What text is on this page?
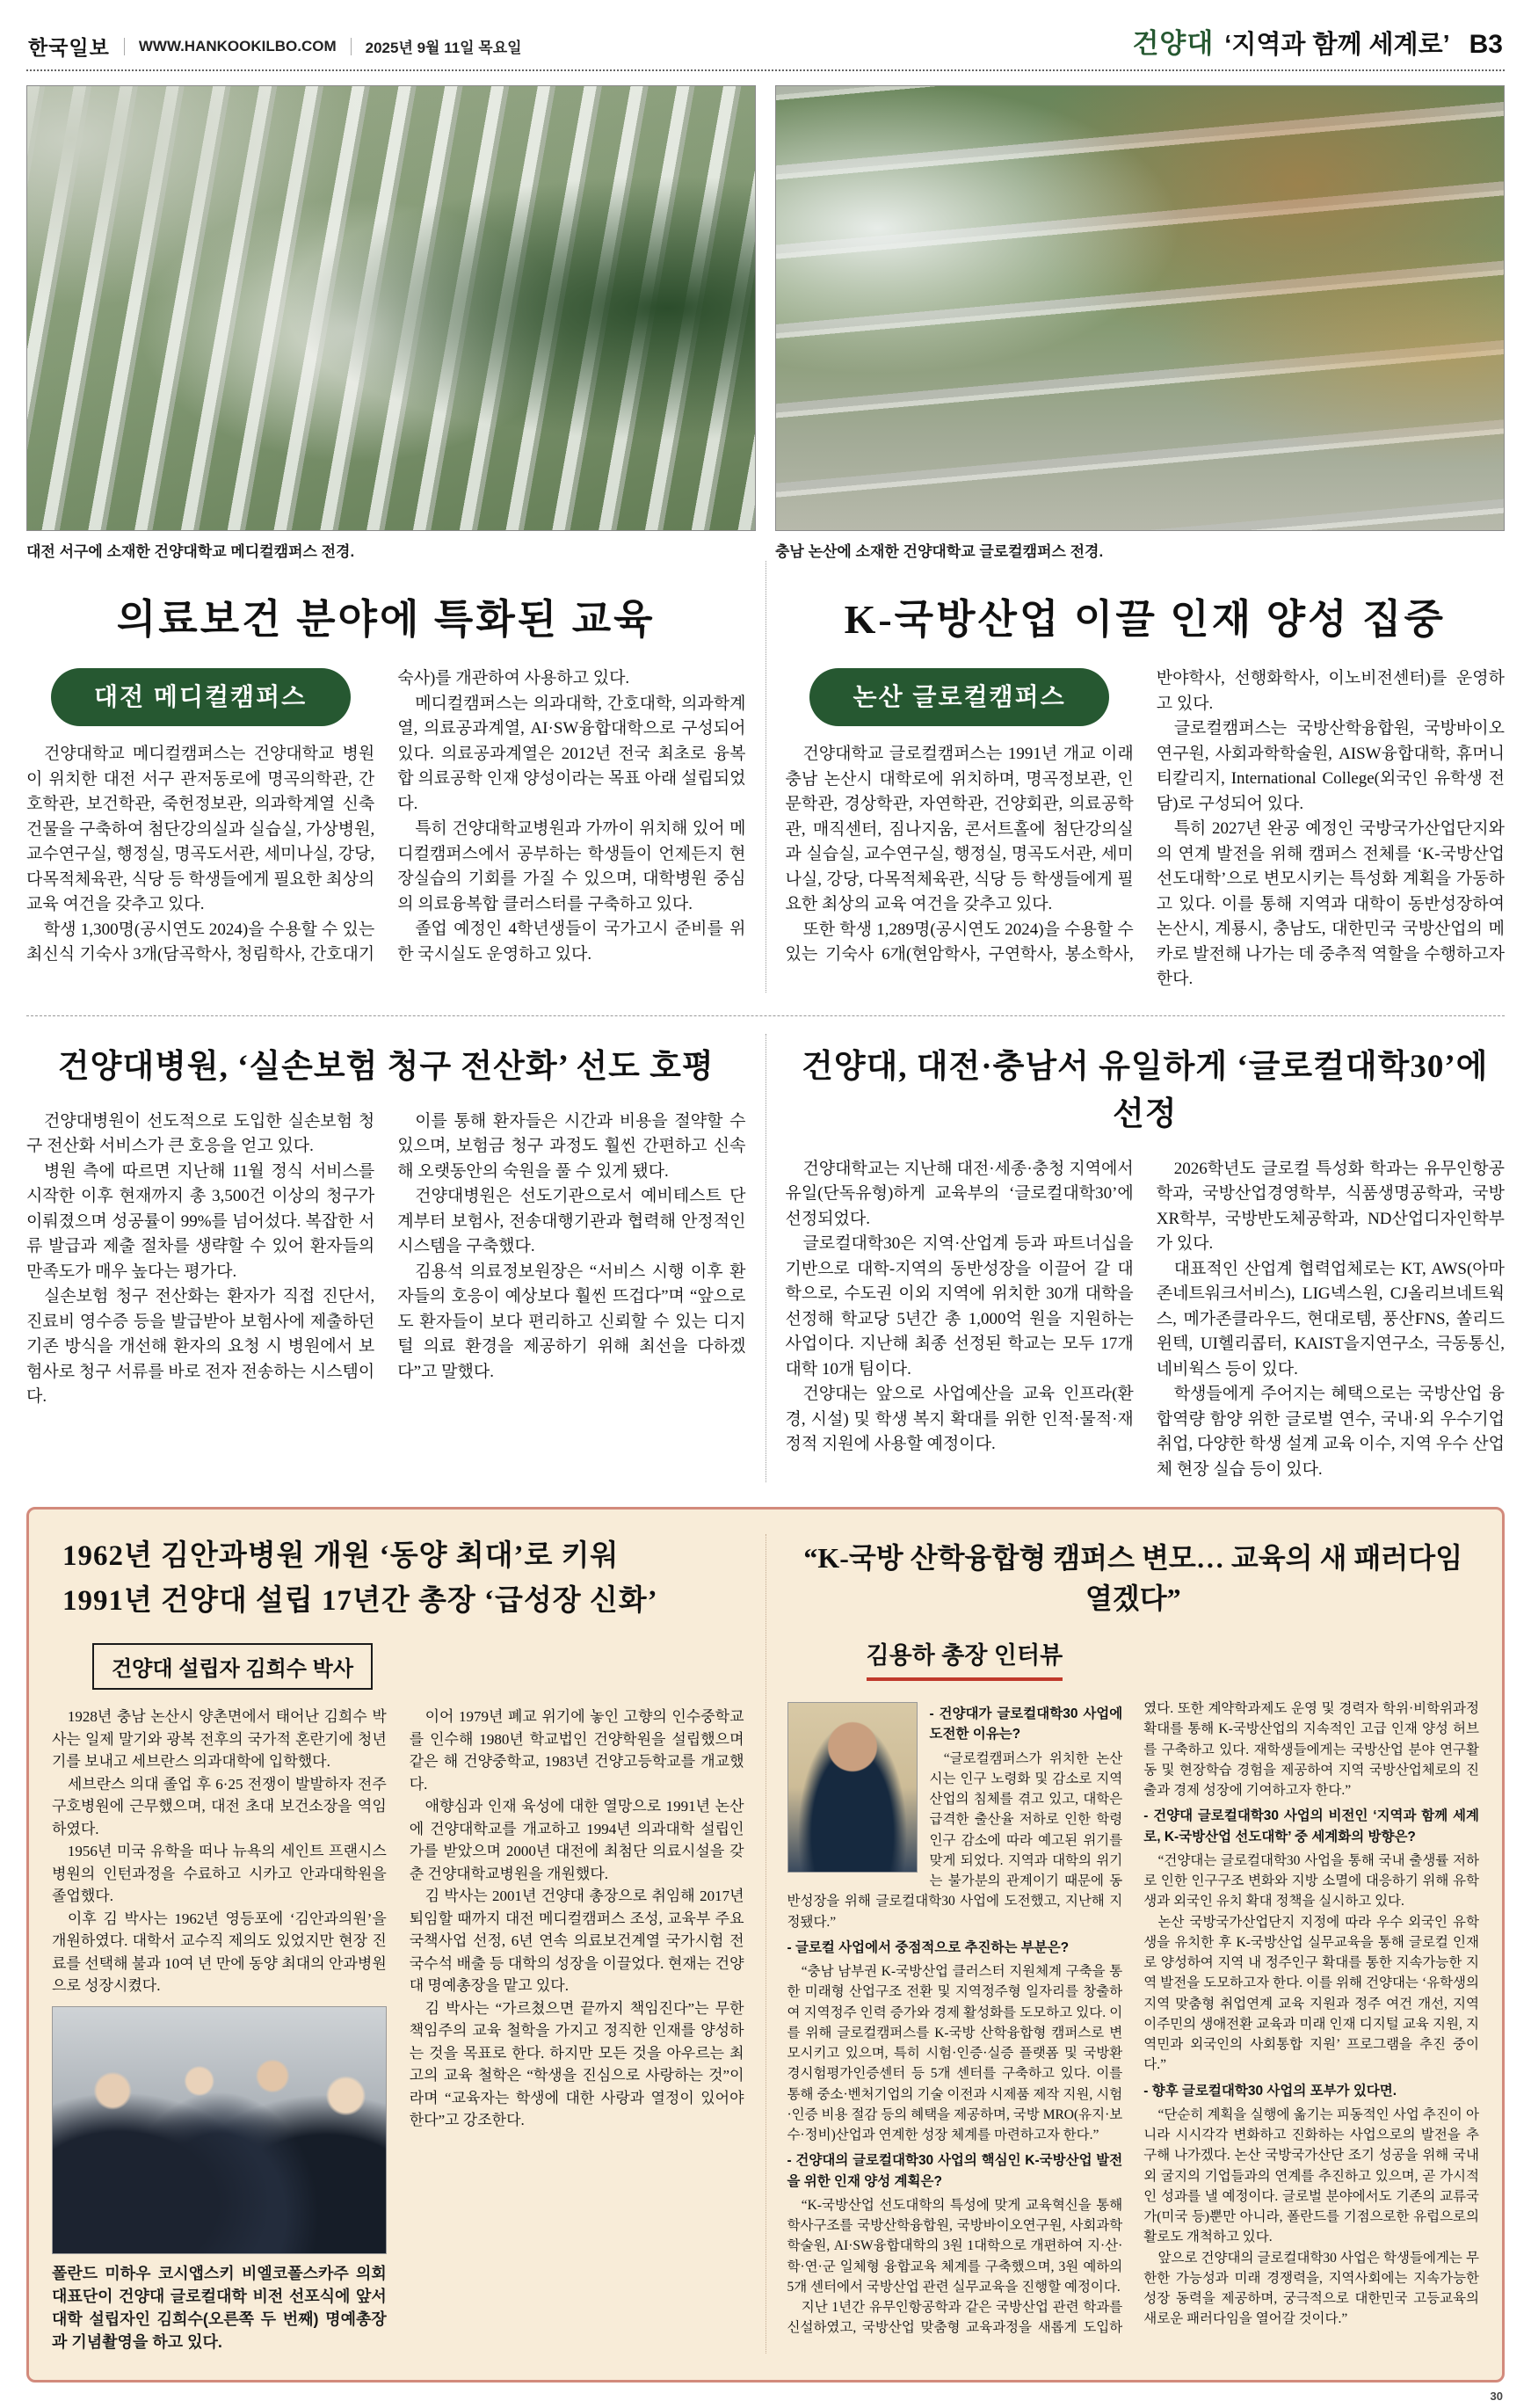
한국일보 WWW.HANKOOKILBO.COM 2025년 9월 11일 목요일	건양대 ‘지역과 함께 세계로’ B3
대전 서구에 소재한 건양대학교 메디컬캠퍼스 전경.	충남 논산에 소재한 건양대학교 글로컬캠퍼스 전경.
의료보건 분야에 특화된 교육
대전 메디컬캠퍼스

건양대학교 메디컬캠퍼스는 건양대학교 병원이 위치한 대전 서구 관저동로에 명곡의학관, 간호학관, 보건학관, 죽헌정보관, 의과학계열 신축건물을 구축하여 첨단강의실과 실습실, 가상병원, 교수연구실, 행정실, 명곡도서관, 세미나실, 강당, 다목적체육관, 식당 등 학생들에게 필요한 최상의 교육 여건을 갖추고 있다.

학생 1,300명(공시연도 2024)을 수용할 수 있는 최신식 기숙사 3개(담곡학사, 청림학사, 간호대기숙사)를 개관하여 사용하고 있다.

메디컬캠퍼스는 의과대학, 간호대학, 의과학계열, 의료공과계열, AI·SW융합대학으로 구성되어 있다. 의료공과계열은 2012년 전국 최초로 융복합 의료공학 인재 양성이라는 목표 아래 설립되었다.

특히 건양대학교병원과 가까이 위치해 있어 메디컬캠퍼스에서 공부하는 학생들이 언제든지 현장실습의 기회를 가질 수 있으며, 대학병원 중심의 의료융복합 클러스터를 구축하고 있다.

졸업 예정인 4학년생들이 국가고시 준비를 위한 국시실도 운영하고 있다.

K-국방산업 이끌 인재 양성 집중
논산 글로컬캠퍼스

건양대학교 글로컬캠퍼스는 1991년 개교 이래 충남 논산시 대학로에 위치하며, 명곡정보관, 인문학관, 경상학관, 자연학관, 건양회관, 의료공학관, 매직센터, 짐나지움, 콘서트홀에 첨단강의실과 실습실, 교수연구실, 행정실, 명곡도서관, 세미나실, 강당, 다목적체육관, 식당 등 학생들에게 필요한 최상의 교육 여건을 갖추고 있다.

또한 학생 1,289명(공시연도 2024)을 수용할 수 있는 기숙사 6개(현암학사, 구연학사, 봉소학사, 반야학사, 선행화학사, 이노비전센터)를 운영하고 있다.

글로컬캠퍼스는 국방산학융합원, 국방바이오연구원, 사회과학학술원, AISW융합대학, 휴머니티칼리지, International College(외국인 유학생 전담)로 구성되어 있다.

특히 2027년 완공 예정인 국방국가산업단지와의 연계 발전을 위해 캠퍼스 전체를 ‘K-국방산업 선도대학’으로 변모시키는 특성화 계획을 가동하고 있다. 이를 통해 지역과 대학이 동반성장하여 논산시, 계룡시, 충남도, 대한민국 국방산업의 메카로 발전해 나가는 데 중추적 역할을 수행하고자 한다.

건양대병원, ‘실손보험 청구 전산화’ 선도 호평

건양대병원이 선도적으로 도입한 실손보험 청구 전산화 서비스가 큰 호응을 얻고 있다.

병원 측에 따르면 지난해 11월 정식 서비스를 시작한 이후 현재까지 총 3,500건 이상의 청구가 이뤄졌으며 성공률이 99%를 넘어섰다. 복잡한 서류 발급과 제출 절차를 생략할 수 있어 환자들의 만족도가 매우 높다는 평가다.

실손보험 청구 전산화는 환자가 직접 진단서, 진료비 영수증 등을 발급받아 보험사에 제출하던 기존 방식을 개선해 환자의 요청 시 병원에서 보험사로 청구 서류를 바로 전자 전송하는 시스템이다.

이를 통해 환자들은 시간과 비용을 절약할 수 있으며, 보험금 청구 과정도 훨씬 간편하고 신속해 오랫동안의 숙원을 풀 수 있게 됐다.

건양대병원은 선도기관으로서 예비테스트 단계부터 보험사, 전송대행기관과 협력해 안정적인 시스템을 구축했다.

김용석 의료정보원장은 “서비스 시행 이후 환자들의 호응이 예상보다 훨씬 뜨겁다”며 “앞으로도 환자들이 보다 편리하고 신뢰할 수 있는 디지털 의료 환경을 제공하기 위해 최선을 다하겠다”고 말했다.

건양대, 대전·충남서 유일하게 ‘글로컬대학30’에 선정

건양대학교는 지난해 대전·세종·충청 지역에서 유일(단독유형)하게 교육부의 ‘글로컬대학30’에 선정되었다.

글로컬대학30은 지역·산업계 등과 파트너십을 기반으로 대학-지역의 동반성장을 이끌어 갈 대학으로, 수도권 이외 지역에 위치한 30개 대학을 선정해 학교당 5년간 총 1,000억 원을 지원하는 사업이다. 지난해 최종 선정된 학교는 모두 17개 대학 10개 팀이다.

건양대는 앞으로 사업예산을 교육 인프라(환경, 시설) 및 학생 복지 확대를 위한 인적·물적·재정적 지원에 사용할 예정이다.

2026학년도 글로컬 특성화 학과는 유무인항공학과, 국방산업경영학부, 식품생명공학과, 국방XR학부, 국방반도체공학과, ND산업디자인학부가 있다.

대표적인 산업계 협력업체로는 KT, AWS(아마존네트워크서비스), LIG넥스원, CJ올리브네트웍스, 메가존클라우드, 현대로템, 풍산FNS, 쏠리드윈텍, UI헬리콥터, KAIST을지연구소, 극동통신, 네비웍스 등이 있다.

학생들에게 주어지는 혜택으로는 국방산업 융합역량 함양 위한 글로벌 연수, 국내·외 우수기업 취업, 다양한 학생 설계 교육 이수, 지역 우수 산업체 현장 실습 등이 있다.

1962년 김안과병원 개원 ‘동양 최대’로 키워
1991년 건양대 설립 17년간 총장 ‘급성장 신화’
건양대 설립자 김희수 박사

1928년 충남 논산시 양촌면에서 태어난 김희수 박사는 일제 말기와 광복 전후의 국가적 혼란기에 청년기를 보내고 세브란스 의과대학에 입학했다.

세브란스 의대 졸업 후 6·25 전쟁이 발발하자 전주구호병원에 근무했으며, 대전 초대 보건소장을 역임하였다.

1956년 미국 유학을 떠나 뉴욕의 세인트 프랜시스 병원의 인턴과정을 수료하고 시카고 안과대학원을 졸업했다.

이후 김 박사는 1962년 영등포에 ‘김안과의원’을 개원하였다. 대학서 교수직 제의도 있었지만 현장 진료를 선택해 불과 10여 년 만에 동양 최대의 안과병원으로 성장시켰다.

폴란드 미하우 코시앱스키 비엘코폴스카주 의회 대표단이 건양대 글로컬대학 비전 선포식에 앞서 대학 설립자인 김희수(오른쪽 두 번째) 명예총장과 기념촬영을 하고 있다.

이어 1979년 폐교 위기에 놓인 고향의 인수중학교를 인수해 1980년 학교법인 건양학원을 설립했으며 같은 해 건양중학교, 1983년 건양고등학교를 개교했다.

애향심과 인재 육성에 대한 열망으로 1991년 논산에 건양대학교를 개교하고 1994년 의과대학 설립인가를 받았으며 2000년 대전에 최첨단 의료시설을 갖춘 건양대학교병원을 개원했다.

김 박사는 2001년 건양대 총장으로 취임해 2017년 퇴임할 때까지 대전 메디컬캠퍼스 조성, 교육부 주요 국책사업 선정, 6년 연속 의료보건계열 국가시험 전국수석 배출 등 대학의 성장을 이끌었다. 현재는 건양대 명예총장을 맡고 있다.

김 박사는 “가르쳤으면 끝까지 책임진다”는 무한책임주의 교육 철학을 가지고 정직한 인재를 양성하는 것을 목표로 한다. 하지만 모든 것을 아우르는 최고의 교육 철학은 “학생을 진심으로 사랑하는 것”이라며 “교육자는 학생에 대한 사랑과 열정이 있어야 한다”고 강조한다.

“K-국방 산학융합형 캠퍼스 변모… 교육의 새 패러다임 열겠다”
김용하 총장 인터뷰

- 건양대가 글로컬대학30 사업에 도전한 이유는?

“글로컬캠퍼스가 위치한 논산시는 인구 노령화 및 감소로 지역 산업의 침체를 겪고 있고, 대학은 급격한 출산율 저하로 인한 학령인구 감소에 따라 예고된 위기를 맞게 되었다. 지역과 대학의 위기는 불가분의 관계이기 때문에 동반성장을 위해 글로컬대학30 사업에 도전했고, 지난해 지정됐다.”

- 글로컬 사업에서 중점적으로 추진하는 부분은?

“충남 남부권 K-국방산업 클러스터 지원체계 구축을 통한 미래형 산업구조 전환 및 지역정주형 일자리를 창출하여 지역정주 인력 증가와 경제 활성화를 도모하고 있다. 이를 위해 글로컬캠퍼스를 K-국방 산학융합형 캠퍼스로 변모시키고 있으며, 특히 시험·인증·실증 플랫폼 및 국방환경시험평가인증센터 등 5개 센터를 구축하고 있다. 이를 통해 중소·벤처기업의 기술 이전과 시제품 제작 지원, 시험·인증 비용 절감 등의 혜택을 제공하며, 국방 MRO(유지·보수·정비)산업과 연계한 성장 체계를 마련하고자 한다.”

- 건양대의 글로컬대학30 사업의 핵심인 K-국방산업 발전을 위한 인재 양성 계획은?

“K-국방산업 선도대학의 특성에 맞게 교육혁신을 통해 학사구조를 국방산학융합원, 국방바이오연구원, 사회과학학술원, AI·SW융합대학의 3원 1대학으로 개편하여 지·산·학·연·군 일체형 융합교육 체계를 구축했으며, 3원 예하의 5개 센터에서 국방산업 관련 실무교육을 진행할 예정이다.

지난 1년간 유무인항공학과 같은 국방산업 관련 학과를 신설하였고, 국방산업 맞춤형 교육과정을 새롭게 도입하였다. 또한 계약학과제도 운영 및 경력자 학위·비학위과정 확대를 통해 K-국방산업의 지속적인 고급 인재 양성 허브를 구축하고 있다. 재학생들에게는 국방산업 분야 연구활동 및 현장학습 경험을 제공하여 지역 국방산업체로의 진출과 경제 성장에 기여하고자 한다.”

- 건양대 글로컬대학30 사업의 비전인 ‘지역과 함께 세계로, K-국방산업 선도대학’ 중 세계화의 방향은?

“건양대는 글로컬대학30 사업을 통해 국내 출생률 저하로 인한 인구구조 변화와 지방 소멸에 대응하기 위해 유학생과 외국인 유치 확대 정책을 실시하고 있다.

논산 국방국가산업단지 지정에 따라 우수 외국인 유학생을 유치한 후 K-국방산업 실무교육을 통해 글로컬 인재로 양성하여 지역 내 정주인구 확대를 통한 지속가능한 지역 발전을 도모하고자 한다. 이를 위해 건양대는 ‘유학생의 지역 맞춤형 취업연계 교육 지원과 정주 여건 개선, 지역 이주민의 생애전환 교육과 미래 인재 디지털 교육 지원, 지역민과 외국인의 사회통합 지원’ 프로그램을 추진 중이다.”

- 향후 글로컬대학30 사업의 포부가 있다면.

“단순히 계획을 실행에 옮기는 피동적인 사업 추진이 아니라 시시각각 변화하고 진화하는 사업으로의 발전을 추구해 나가겠다. 논산 국방국가산단 조기 성공을 위해 국내외 굴지의 기업들과의 연계를 추진하고 있으며, 곧 가시적인 성과를 낼 예정이다. 글로벌 분야에서도 기존의 교류국가(미국 등)뿐만 아니라, 폴란드를 기점으로한 유럽으로의 활로도 개척하고 있다.

앞으로 건양대의 글로컬대학30 사업은 학생들에게는 무한한 가능성과 미래 경쟁력을, 지역사회에는 지속가능한 성장 동력을 제공하며, 궁극적으로 대한민국 고등교육의 새로운 패러다임을 열어갈 것이다.”

30
